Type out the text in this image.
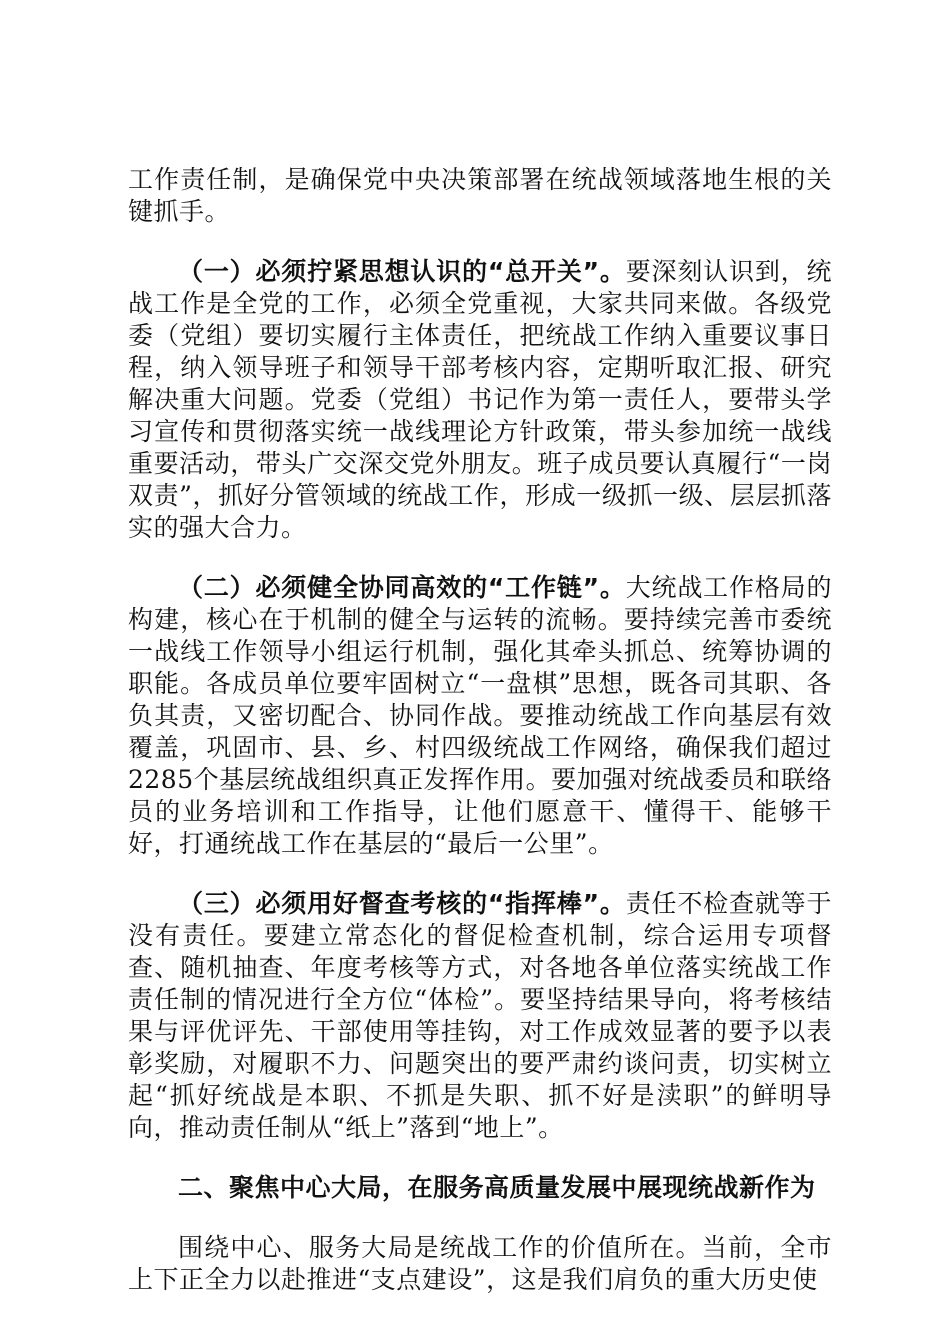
工作责任制，是确保党中央决策部署在统战领域落地生根的关键抓手。

（一）必须拧紧思想认识的“总开关”。要深刻认识到，统战工作是全党的工作，必须全党重视，大家共同来做。各级党委（党组）要切实履行主体责任，把统战工作纳入重要议事日程，纳入领导班子和领导干部考核内容，定期听取汇报、研究解决重大问题。党委（党组）书记作为第一责任人，要带头学习宣传和贯彻落实统一战线理论方针政策，带头参加统一战线重要活动，带头广交深交党外朋友。班子成员要认真履行“一岗双责”，抓好分管领域的统战工作，形成一级抓一级、层层抓落实的强大合力。

（二）必须健全协同高效的“工作链”。大统战工作格局的构建，核心在于机制的健全与运转的流畅。要持续完善市委统一战线工作领导小组运行机制，强化其牵头抓总、统筹协调的职能。各成员单位要牢固树立“一盘棋”思想，既各司其职、各负其责，又密切配合、协同作战。要推动统战工作向基层有效覆盖，巩固市、县、乡、村四级统战工作网络，确保我们超过2285个基层统战组织真正发挥作用。要加强对统战委员和联络员的业务培训和工作指导，让他们愿意干、懂得干、能够干好，打通统战工作在基层的“最后一公里”。

（三）必须用好督查考核的“指挥棒”。责任不检查就等于没有责任。要建立常态化的督促检查机制，综合运用专项督查、随机抽查、年度考核等方式，对各地各单位落实统战工作责任制的情况进行全方位“体检”。要坚持结果导向，将考核结果与评优评先、干部使用等挂钩，对工作成效显著的要予以表彰奖励，对履职不力、问题突出的要严肃约谈问责，切实树立起“抓好统战是本职、不抓是失职、抓不好是渎职”的鲜明导向，推动责任制从“纸上”落到“地上”。

二、聚焦中心大局，在服务高质量发展中展现统战新作为

围绕中心、服务大局是统战工作的价值所在。当前，全市上下正全力以赴推进“支点建设”，这是我们肩负的重大历史使
